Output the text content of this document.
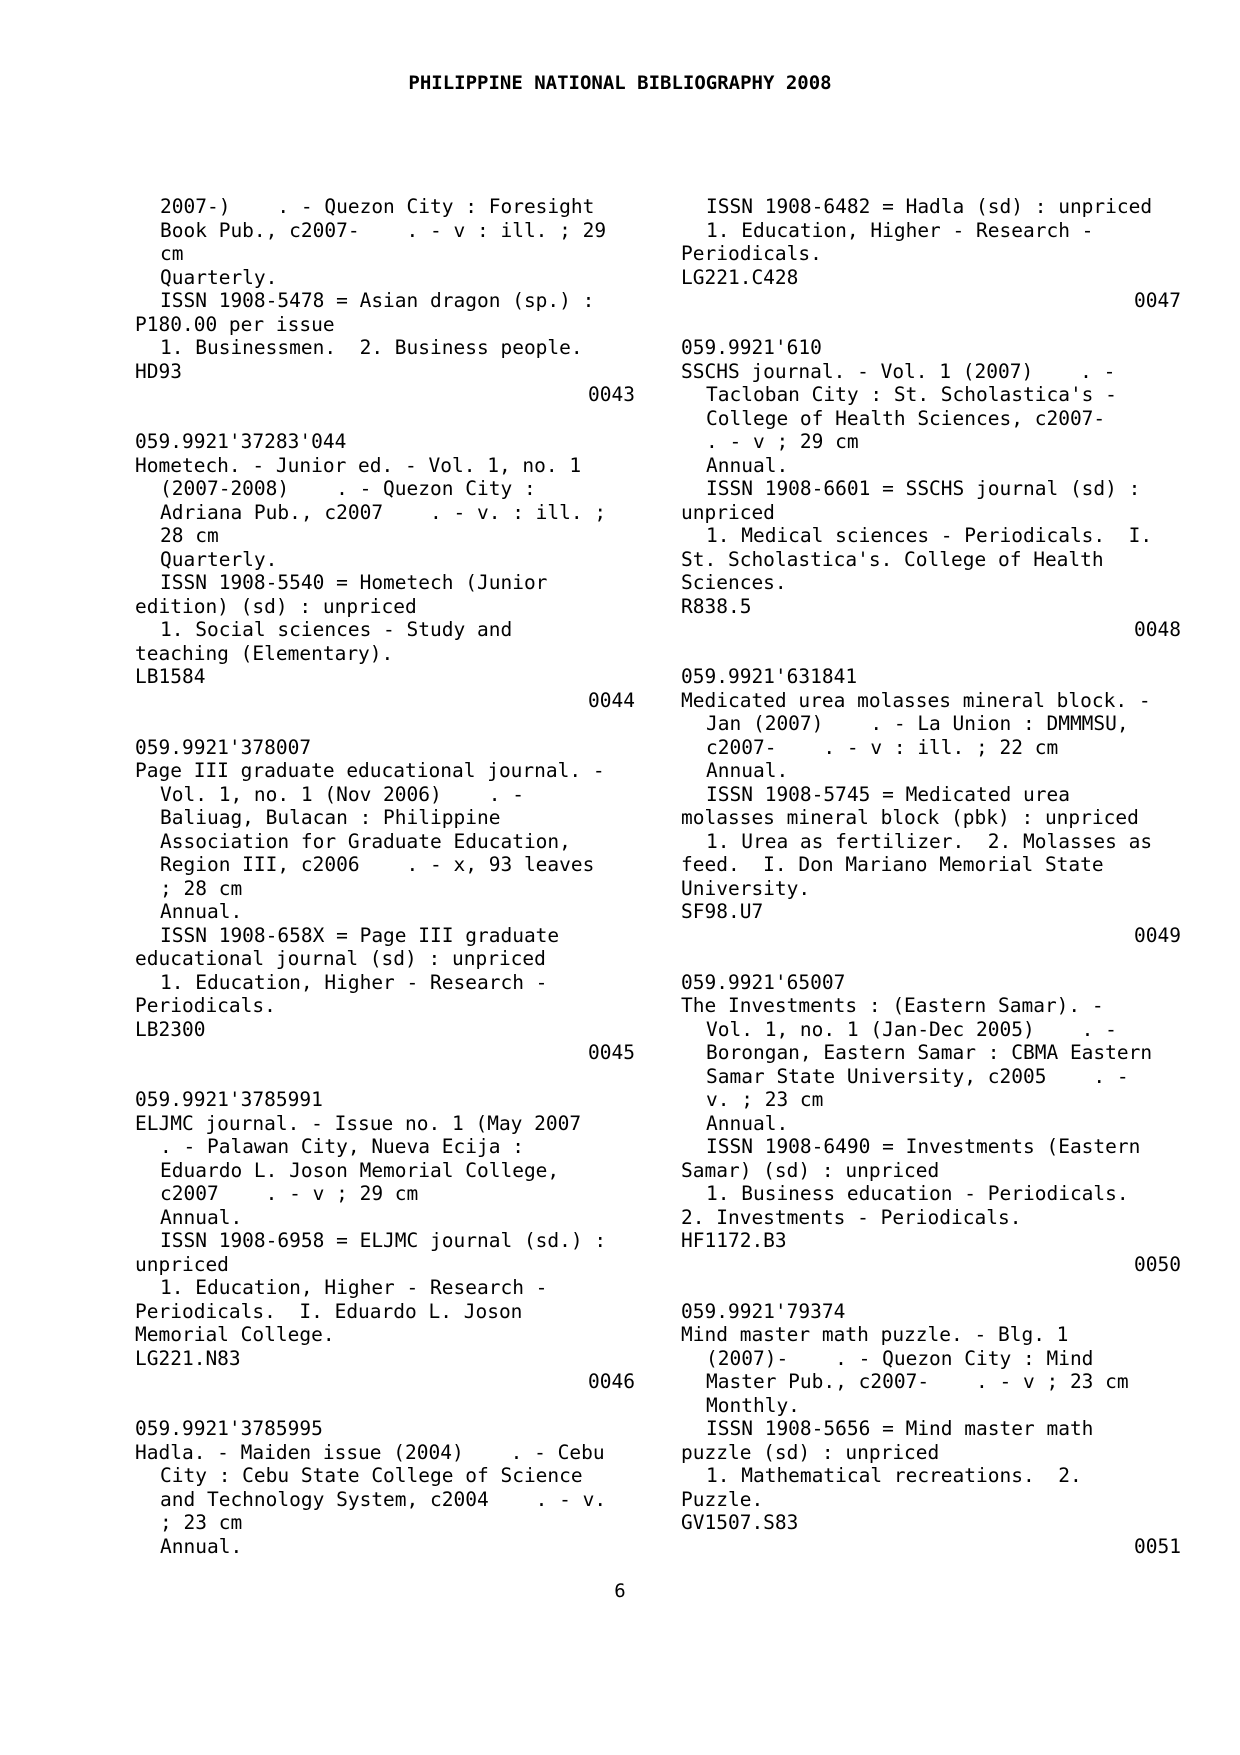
PHILIPPINE NATIONAL BIBLIOGRAPHY 2008
2007-)    . - Quezon City : Foresight
Book Pub., c2007-    . - v : ill. ; 29
cm
Quarterly.
ISSN 1908-5478 = Asian dragon (sp.) :
P180.00 per issue
1. Businessmen.  2. Business people.
HD93
0043
059.9921'37283'044
Hometech. - Junior ed. - Vol. 1, no. 1
(2007-2008)    . - Quezon City :
Adriana Pub., c2007    . - v. : ill. ;
28 cm
Quarterly.
ISSN 1908-5540 = Hometech (Junior
edition) (sd) : unpriced
1. Social sciences - Study and
teaching (Elementary).
LB1584
0044
059.9921'378007
Page III graduate educational journal. -
Vol. 1, no. 1 (Nov 2006)    . -
Baliuag, Bulacan : Philippine
Association for Graduate Education,
Region III, c2006    . - x, 93 leaves
; 28 cm
Annual.
ISSN 1908-658X = Page III graduate
educational journal (sd) : unpriced
1. Education, Higher - Research -
Periodicals.
LB2300
0045
059.9921'3785991
ELJMC journal. - Issue no. 1 (May 2007
. - Palawan City, Nueva Ecija :
Eduardo L. Joson Memorial College,
c2007    . - v ; 29 cm
Annual.
ISSN 1908-6958 = ELJMC journal (sd.) :
unpriced
1. Education, Higher - Research -
Periodicals.  I. Eduardo L. Joson
Memorial College.
LG221.N83
0046
059.9921'3785995
Hadla. - Maiden issue (2004)    . - Cebu
City : Cebu State College of Science
and Technology System, c2004    . - v.
; 23 cm
Annual.
ISSN 1908-6482 = Hadla (sd) : unpriced
1. Education, Higher - Research -
Periodicals.
LG221.C428
0047
059.9921'610
SSCHS journal. - Vol. 1 (2007)    . -
Tacloban City : St. Scholastica's -
College of Health Sciences, c2007-
. - v ; 29 cm
Annual.
ISSN 1908-6601 = SSCHS journal (sd) :
unpriced
1. Medical sciences - Periodicals.  I.
St. Scholastica's. College of Health
Sciences.
R838.5
0048
059.9921'631841
Medicated urea molasses mineral block. -
Jan (2007)    . - La Union : DMMMSU,
c2007-    . - v : ill. ; 22 cm
Annual.
ISSN 1908-5745 = Medicated urea
molasses mineral block (pbk) : unpriced
1. Urea as fertilizer.  2. Molasses as
feed.  I. Don Mariano Memorial State
University.
SF98.U7
0049
059.9921'65007
The Investments : (Eastern Samar). -
Vol. 1, no. 1 (Jan-Dec 2005)    . -
Borongan, Eastern Samar : CBMA Eastern
Samar State University, c2005    . -
v. ; 23 cm
Annual.
ISSN 1908-6490 = Investments (Eastern
Samar) (sd) : unpriced
1. Business education - Periodicals.
2. Investments - Periodicals.
HF1172.B3
0050
059.9921'79374
Mind master math puzzle. - Blg. 1
(2007)-    . - Quezon City : Mind
Master Pub., c2007-    . - v ; 23 cm
Monthly.
ISSN 1908-5656 = Mind master math
puzzle (sd) : unpriced
1. Mathematical recreations.  2.
Puzzle.
GV1507.S83
0051
6
